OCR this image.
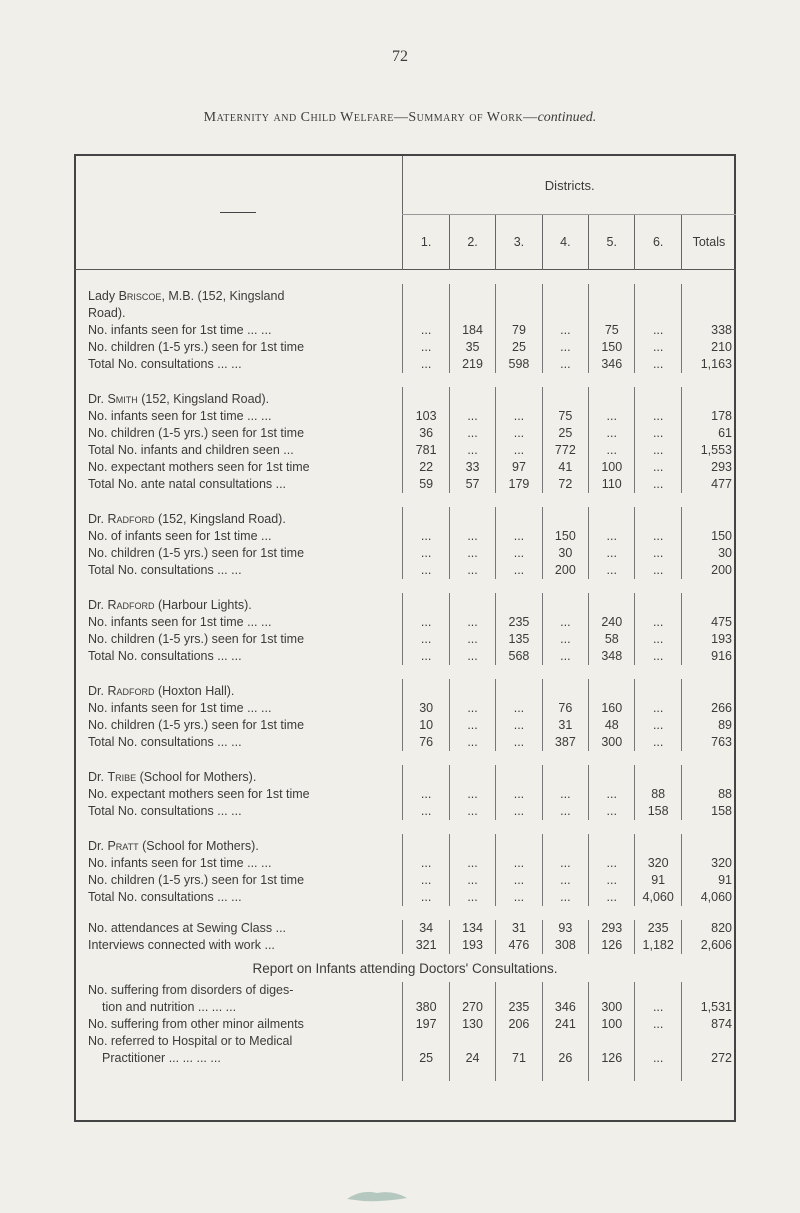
72
Maternity and Child Welfare—Summary of Work—continued.
	Districts.						
	1.	2.	3.	4.	5.	6.	Totals

Lady Briscoe, M.B. (152, Kingsland							
Road).							
No. infants seen for 1st time ... ...	...	184	79	...	75	...	338
No. children (1-5 yrs.) seen for 1st time	...	35	25	...	150	...	210
Total No. consultations ... ...	...	219	598	...	346	...	1,163

Dr. Smith (152, Kingsland Road).							
No. infants seen for 1st time ... ...	103	...	...	75	...	...	178
No. children (1-5 yrs.) seen for 1st time	36	...	...	25	...	...	61
Total No. infants and children seen ...	781	...	...	772	...	...	1,553
No. expectant mothers seen for 1st time	22	33	97	41	100	...	293
Total No. ante natal consultations ...	59	57	179	72	110	...	477

Dr. Radford (152, Kingsland Road).							
No. of infants seen for 1st time ...	...	...	...	150	...	...	150
No. children (1-5 yrs.) seen for 1st time	...	...	...	30	...	...	30
Total No. consultations ... ...	...	...	...	200	...	...	200

Dr. Radford (Harbour Lights).							
No. infants seen for 1st time ... ...	...	...	235	...	240	...	475
No. children (1-5 yrs.) seen for 1st time	...	...	135	...	58	...	193
Total No. consultations ... ...	...	...	568	...	348	...	916

Dr. Radford (Hoxton Hall).							
No. infants seen for 1st time ... ...	30	...	...	76	160	...	266
No. children (1-5 yrs.) seen for 1st time	10	...	...	31	48	...	89
Total No. consultations ... ...	76	...	...	387	300	...	763

Dr. Tribe (School for Mothers).							
No. expectant mothers seen for 1st time	...	...	...	...	...	88	88
Total No. consultations ... ...	...	...	...	...	...	158	158

Dr. Pratt (School for Mothers).							
No. infants seen for 1st time ... ...	...	...	...	...	...	320	320
No. children (1-5 yrs.) seen for 1st time	...	...	...	...	...	91	91
Total No. consultations ... ...	...	...	...	...	...	4,060	4,060

No. attendances at Sewing Class ...	34	134	31	93	293	235	820
Interviews connected with work ...	321	193	476	308	126	1,182	2,606
Report on Infants attending Doctors' Consultations.							
No. suffering from disorders of diges-							
tion and nutrition ... ... ...	380	270	235	346	300	...	1,531
No. suffering from other minor ailments	197	130	206	241	100	...	874
No. referred to Hospital or to Medical							
Practitioner ... ... ... ...	25	24	71	26	126	...	272
